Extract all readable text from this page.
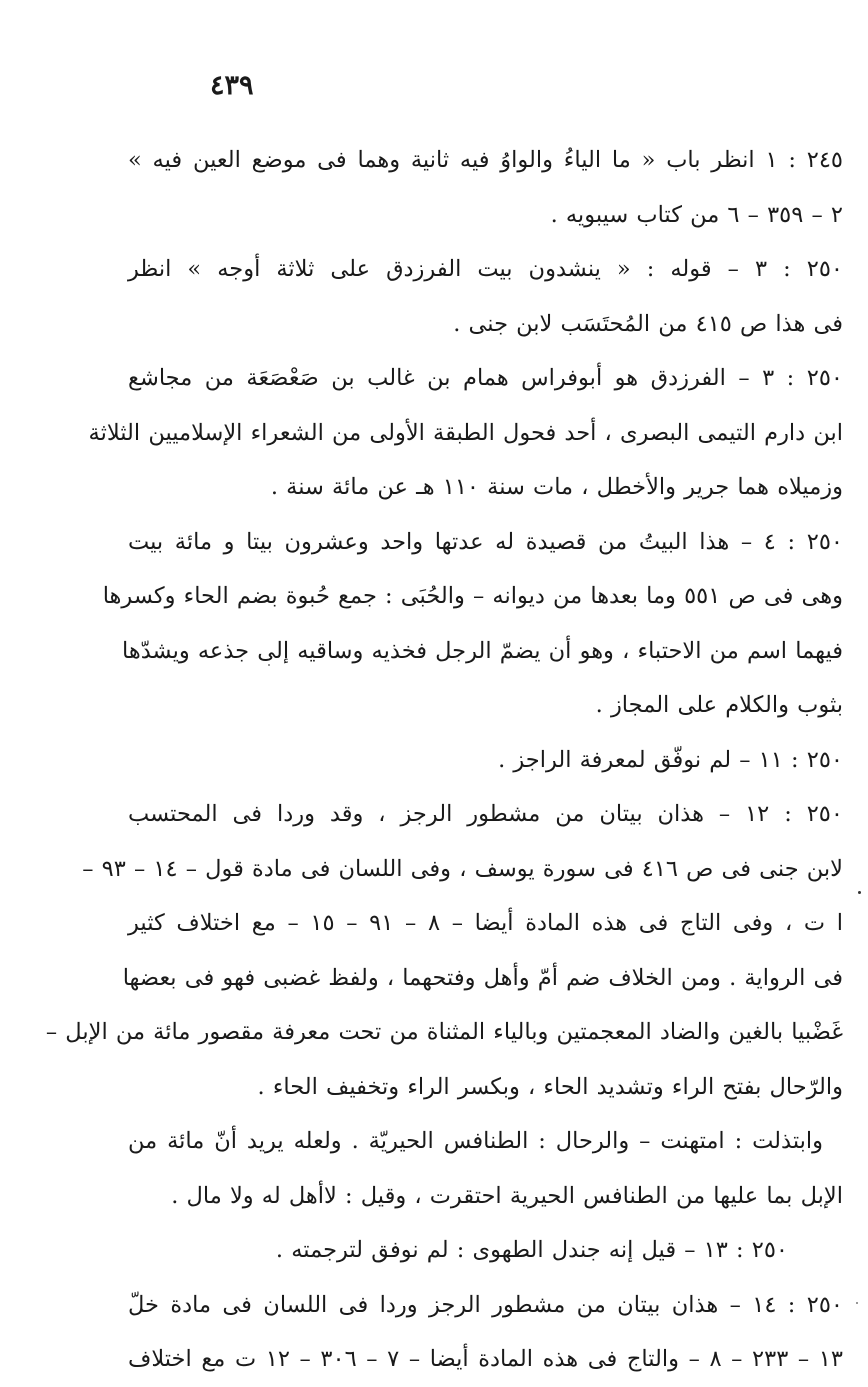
٤٣٩
٢٤٥ : ١ انظر باب « ما الياءُ والواوُ فيه ثانية وهما فى موضع العين فيه »
٢ – ٣٥٩ – ٦ من كتاب سيبويه .
٢٥٠ : ٣ – قوله : « ينشدون بيت الفرزدق على ثلاثة أوجه » انظر
فى هذا ص ٤١٥ من المُحتَسَب لابن جنى .
٢٥٠ : ٣ – الفرزدق هو أبوفراس همام بن غالب بن صَعْصَعَة من مجاشع
ابن دارم التيمى البصرى ، أحد فحول الطبقة الأولى من الشعراء الإسلاميين الثلاثة
وزميلاه هما جرير والأخطل ، مات سنة ١١٠ هـ عن مائة سنة .
٢٥٠ : ٤ – هذا البيتُ من قصيدة له عدتها واحد وعشرون بيتا و مائة بيت
وهى فى ص ٥٥١ وما بعدها من ديوانه – والحُبَى : جمع حُبوة بضم الحاء وكسرها
فيهما اسم من الاحتباء ، وهو أن يضمّ الرجل فخذيه وساقيه إلى جذعه ويشدّها
بثوب والكلام على المجاز .
٢٥٠ : ١١ – لم نوفّق لمعرفة الراجز .
٢٥٠ : ١٢ – هذان بيتان من مشطور الرجز ، وقد وردا فى المحتسب
لابن جنى فى ص ٤١٦ فى سورة يوسف ، وفى اللسان فى مادة قول – ١٤ – ٩٣ –
ا ت ، وفى التاج فى هذه المادة أيضا – ٨ – ٩١ – ١٥ – مع اختلاف كثير
فى الرواية . ومن الخلاف ضم أمّ وأهل وفتحهما ، ولفظ غضبى فهو فى بعضها
غَضْبيا بالغين والضاد المعجمتين وبالياء المثناة من تحت معرفة مقصور مائة من الإبل –
والرّحال بفتح الراء وتشديد الحاء ، وبكسر الراء وتخفيف الحاء .
وابتذلت : امتهنت – والرحال : الطنافس الحيريّة . ولعله يريد أنّ مائة من
الإبل بما عليها من الطنافس الحيرية احتقرت ، وقيل : لاأهل له ولا مال .
٢٥٠ : ١٣ – قيل إنه جندل الطهوى : لم نوفق لترجمته .
٢٥٠ : ١٤ – هذان بيتان من مشطور الرجز وردا فى اللسان فى مادة خلّ
١٣ – ٢٣٣ – ٨ – والتاج فى هذه المادة أيضا – ٧ – ٣٠٦ – ١٢ ت مع اختلاف
